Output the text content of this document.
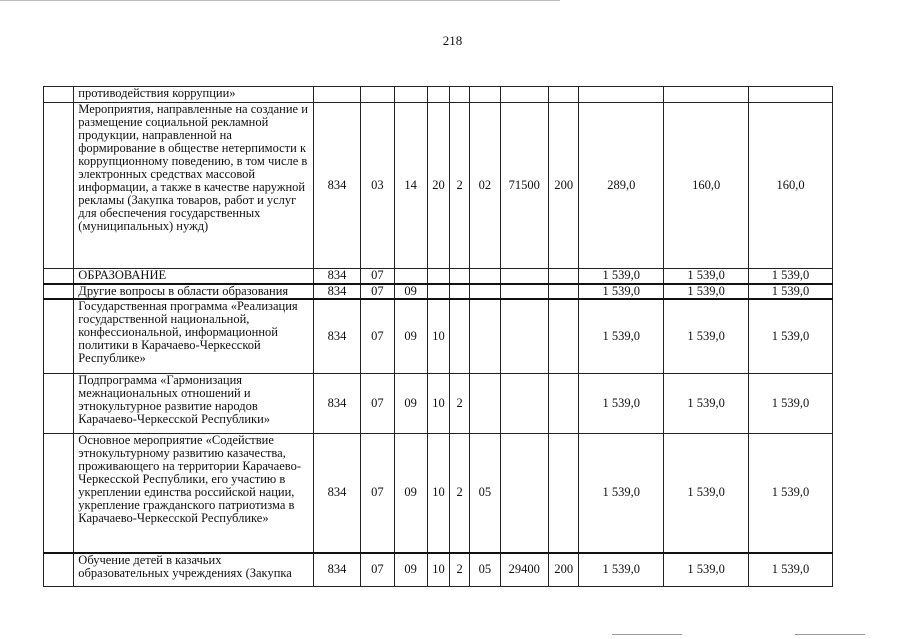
218
	противодействия коррупции»											
	Мероприятия, направленные на создание и размещение социальной рекламной продукции, направленной на формирование в обществе нетерпимости к коррупционному поведению, в том числе в электронных средствах массовой информации, а также в качестве наружной рекламы (Закупка товаров, работ и услуг для обеспечения государственных (муниципальных) нужд)	834	03	14	20	2	02	71500	200	289,0	160,0	160,0
	ОБРАЗОВАНИЕ	834	07							1 539,0	1 539,0	1 539,0
	Другие вопросы в области образования	834	07	09						1 539,0	1 539,0	1 539,0
	Государственная программа «Реализация государственной национальной, конфессиональной, информационной политики в Карачаево-Черкесской Республике»	834	07	09	10					1 539,0	1 539,0	1 539,0
	Подпрограмма «Гармонизация межнациональных отношений и этнокультурное развитие народов Карачаево-Черкесской Республики»	834	07	09	10	2				1 539,0	1 539,0	1 539,0
	Основное мероприятие «Содействие этнокультурному развитию казачества, проживающего на территории Карачаево-Черкесской Республики, его участию в укреплении единства российской нации, укрепление гражданского патриотизма в Карачаево-Черкесской Республике»	834	07	09	10	2	05			1 539,0	1 539,0	1 539,0
	Обучение детей в казачьих образовательных учреждениях (Закупка	834	07	09	10	2	05	29400	200	1 539,0	1 539,0	1 539,0
